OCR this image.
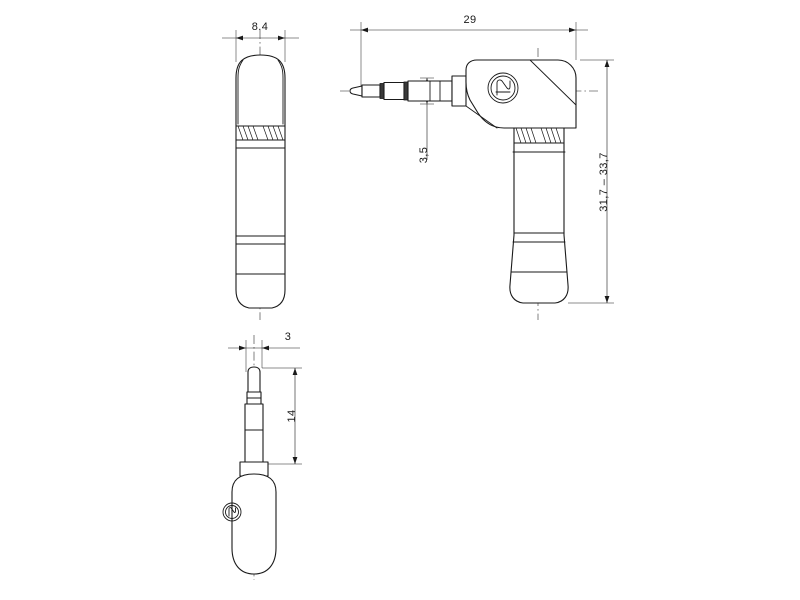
8.4
29
3,5	31,7 – 33,7
3
14
